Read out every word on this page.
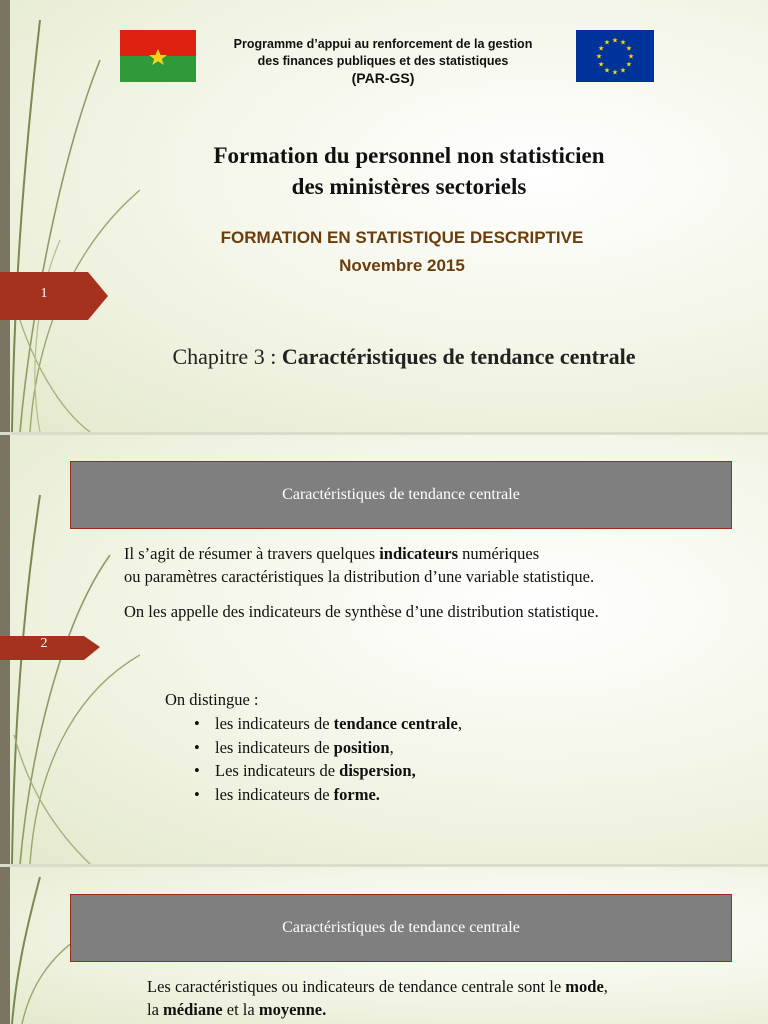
1
Programme d’appui au renforcement de la gestion
des finances publiques et des statistiques
(PAR-GS)
★ ★
★
★
★
★
★
★
★
★
★
★
Formation du personnel non statisticien
des ministères sectoriels
FORMATION EN STATISTIQUE DESCRIPTIVE
Novembre 2015
Chapitre 3 : Caractéristiques de tendance centrale
2
Caractéristiques de tendance centrale
Il s’agit de résumer à travers quelques indicateurs numériques
ou paramètres caractéristiques la distribution d’une variable statistique.
On les appelle des indicateurs de synthèse d’une distribution statistique.
On distingue :
• les indicateurs de tendance centrale,
• les indicateurs de position,
• Les indicateurs de dispersion,
• les indicateurs de forme.
Caractéristiques de tendance centrale
Les caractéristiques ou indicateurs de tendance centrale sont le mode,
la médiane et la moyenne.
